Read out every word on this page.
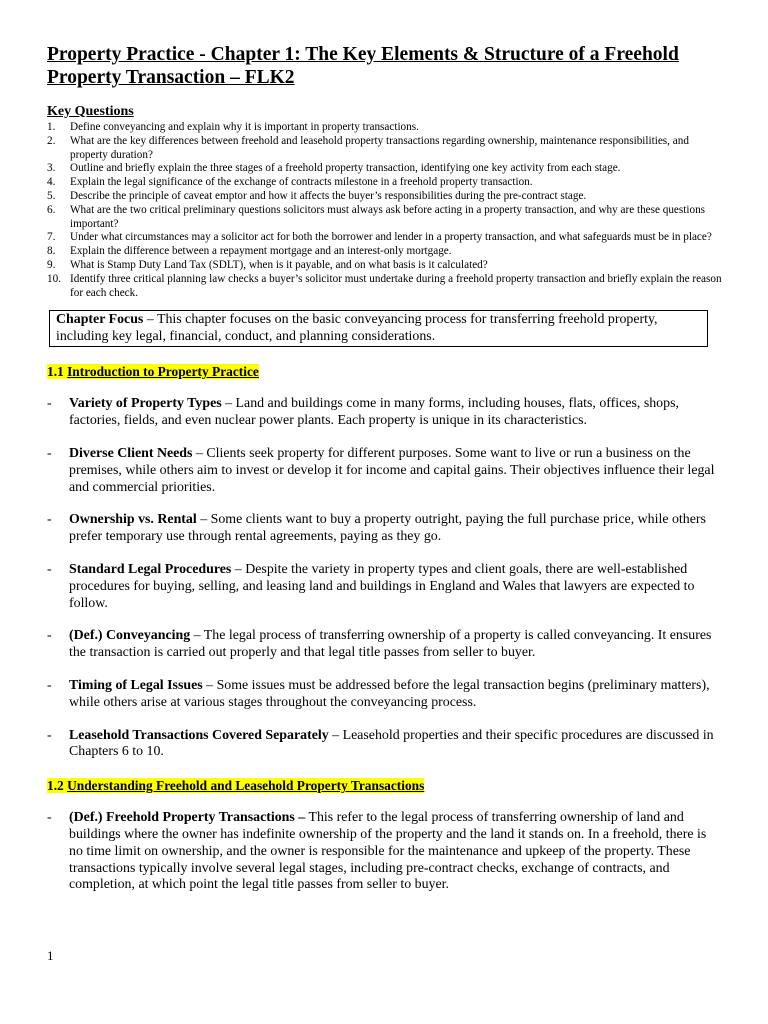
Property Practice - Chapter 1: The Key Elements & Structure of a Freehold Property Transaction – FLK2
Key Questions
1.	Define conveyancing and explain why it is important in property transactions.
2.	What are the key differences between freehold and leasehold property transactions regarding ownership, maintenance responsibilities, and property duration?
3.	Outline and briefly explain the three stages of a freehold property transaction, identifying one key activity from each stage.
4.	Explain the legal significance of the exchange of contracts milestone in a freehold property transaction.
5.	Describe the principle of caveat emptor and how it affects the buyer’s responsibilities during the pre-contract stage.
6.	What are the two critical preliminary questions solicitors must always ask before acting in a property transaction, and why are these questions important?
7.	Under what circumstances may a solicitor act for both the borrower and lender in a property transaction, and what safeguards must be in place?
8.	Explain the difference between a repayment mortgage and an interest-only mortgage.
9.	What is Stamp Duty Land Tax (SDLT), when is it payable, and on what basis is it calculated?
10. Identify three critical planning law checks a buyer’s solicitor must undertake during a freehold property transaction and briefly explain the reason for each check.
Chapter Focus – This chapter focuses on the basic conveyancing process for transferring freehold property, including key legal, financial, conduct, and planning considerations.
1.1 Introduction to Property Practice
-	Variety of Property Types – Land and buildings come in many forms, including houses, flats, offices, shops, factories, fields, and even nuclear power plants. Each property is unique in its characteristics.
-	Diverse Client Needs – Clients seek property for different purposes. Some want to live or run a business on the premises, while others aim to invest or develop it for income and capital gains. Their objectives influence their legal and commercial priorities.
-	Ownership vs. Rental – Some clients want to buy a property outright, paying the full purchase price, while others prefer temporary use through rental agreements, paying as they go.
-	Standard Legal Procedures – Despite the variety in property types and client goals, there are well-established procedures for buying, selling, and leasing land and buildings in England and Wales that lawyers are expected to follow.
-	(Def.) Conveyancing – The legal process of transferring ownership of a property is called conveyancing. It ensures the transaction is carried out properly and that legal title passes from seller to buyer.
-	Timing of Legal Issues – Some issues must be addressed before the legal transaction begins (preliminary matters), while others arise at various stages throughout the conveyancing process.
-	Leasehold Transactions Covered Separately – Leasehold properties and their specific procedures are discussed in Chapters 6 to 10.
1.2 Understanding Freehold and Leasehold Property Transactions
-	(Def.) Freehold Property Transactions – This refer to the legal process of transferring ownership of land and buildings where the owner has indefinite ownership of the property and the land it stands on. In a freehold, there is no time limit on ownership, and the owner is responsible for the maintenance and upkeep of the property. These transactions typically involve several legal stages, including pre-contract checks, exchange of contracts, and completion, at which point the legal title passes from seller to buyer.
1
